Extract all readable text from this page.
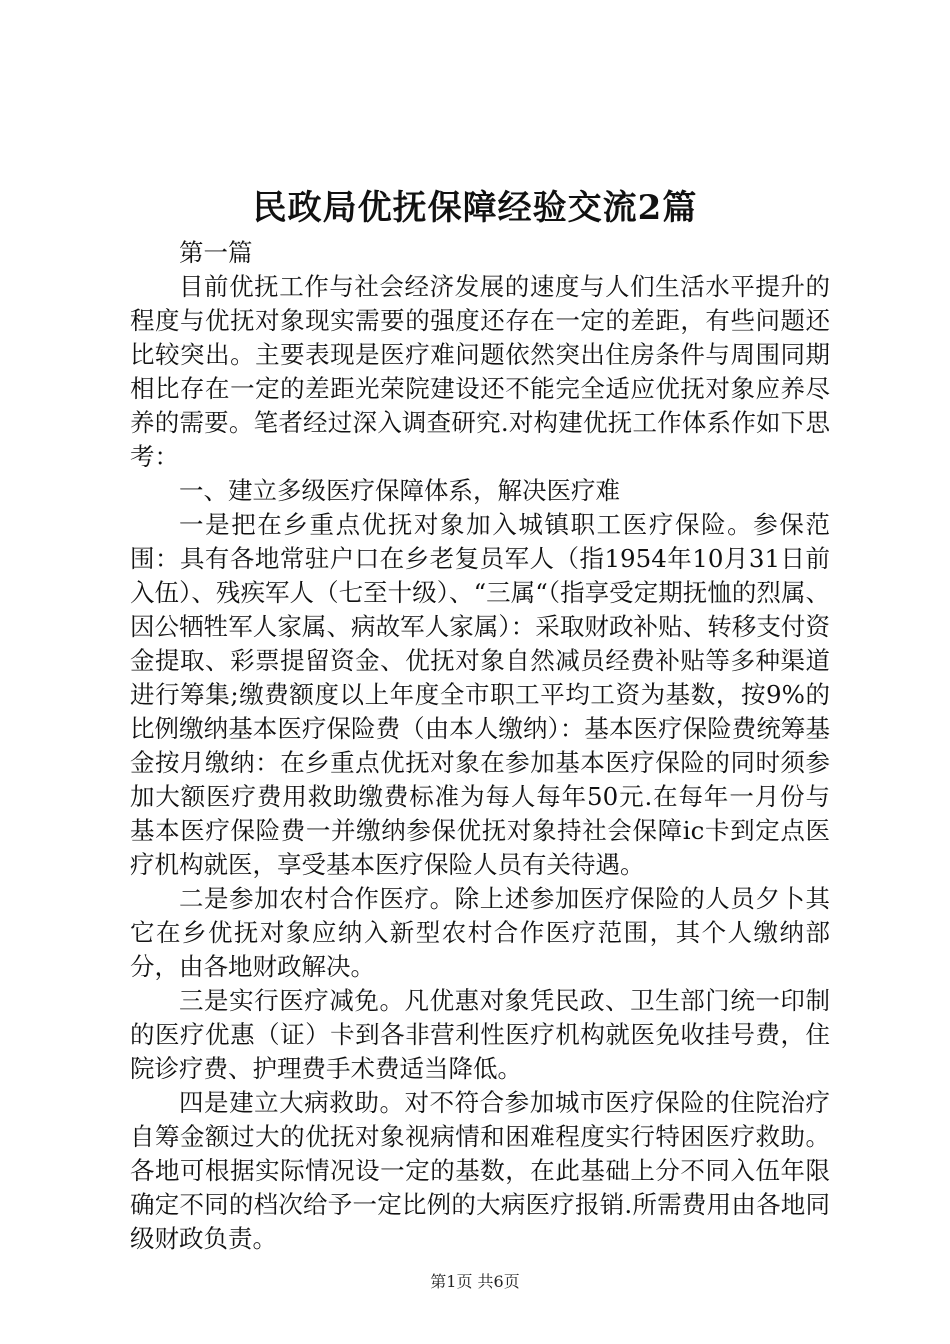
民政局优抚保障经验交流2篇

第一篇

目前优抚工作与社会经济发展的速度与人们生活水平提升的程度与优抚对象现实需要的强度还存在一定的差距，有些问题还比较突出。主要表现是医疗难问题依然突出住房条件与周围同期相比存在一定的差距光荣院建设还不能完全适应优抚对象应养尽养的需要。笔者经过深入调查研究.对构建优抚工作体系作如下思考：

一、建立多级医疗保障体系，解决医疗难

一是把在乡重点优抚对象加入城镇职工医疗保险。参保范围：具有各地常驻户口在乡老复员军人（指1954年10月31日前入伍）、残疾军人（七至十级）、“三属“（指享受定期抚恤的烈属、因公牺牲军人家属、病故军人家属）：采取财政补贴、转移支付资金提取、彩票提留资金、优抚对象自然减员经费补贴等多种渠道进行筹集;缴费额度以上年度全市职工平均工资为基数，按9%的比例缴纳基本医疗保险费（由本人缴纳）：基本医疗保险费统筹基金按月缴纳：在乡重点优抚对象在参加基本医疗保险的同时须参加大额医疗费用救助缴费标准为每人每年50元.在每年一月份与基本医疗保险费一并缴纳参保优抚对象持社会保障ic卡到定点医疗机构就医，享受基本医疗保险人员有关待遇。

二是参加农村合作医疗。除上述参加医疗保险的人员夕卜其它在乡优抚对象应纳入新型农村合作医疗范围，其个人缴纳部分，由各地财政解决。

三是实行医疗减免。凡优惠对象凭民政、卫生部门统一印制的医疗优惠（证）卡到各非营利性医疗机构就医免收挂号费，住院诊疗费、护理费手术费适当降低。

四是建立大病救助。对不符合参加城市医疗保险的住院治疗自筹金额过大的优抚对象视病情和困难程度实行特困医疗救助。各地可根据实际情况设一定的基数，在此基础上分不同入伍年限确定不同的档次给予一定比例的大病医疗报销.所需费用由各地同级财政负责。

第1页 共6页
